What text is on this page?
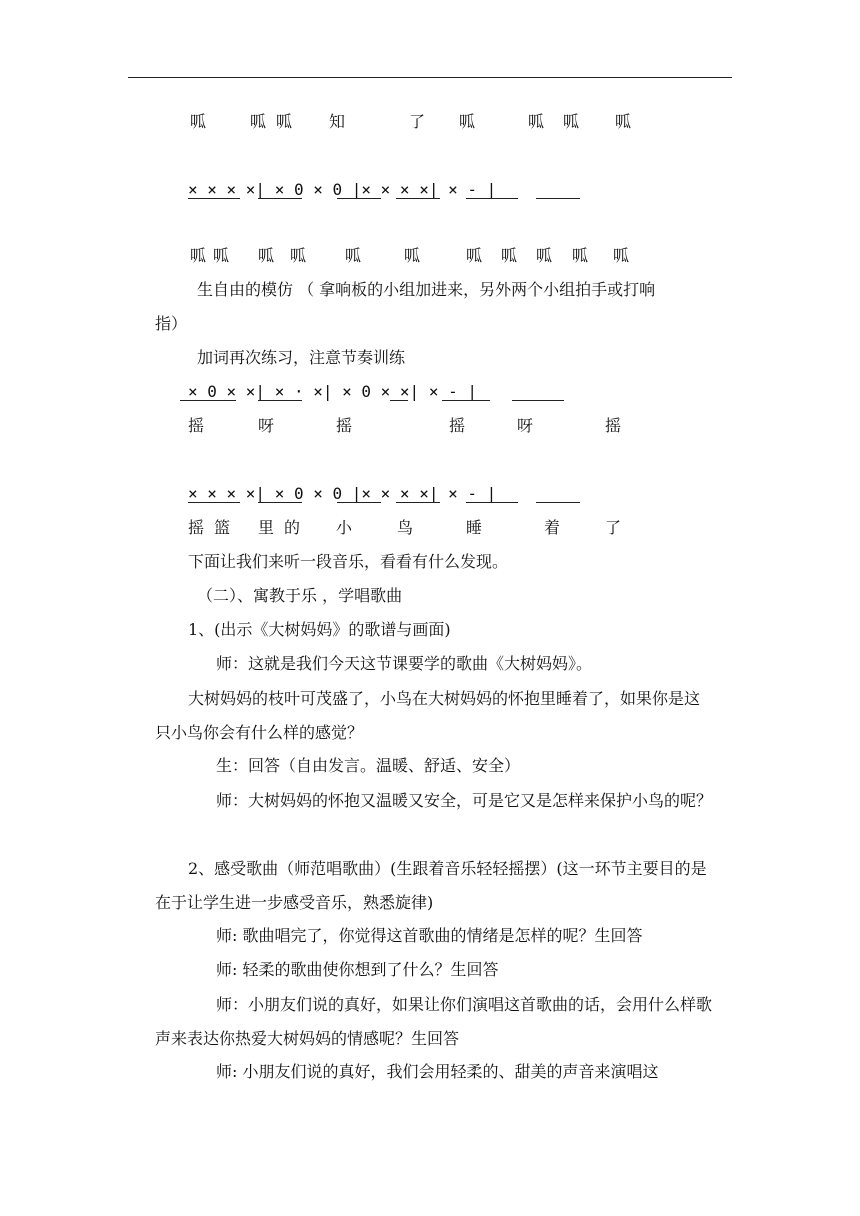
呱	呱 呱 知	了 呱	呱 呱 呱
× × × ×| × 0 × 0 |× × × ×| × - |
呱 呱 呱 呱 呱	呱	呱 呱 呱 呱 呱
生自由的模仿 （ 拿响板的小组加进来，另外两个小组拍手或打响
指）
加词再次练习，注意节奏训练
× 0 × ×| × · ×| × 0 × ×| × - |
摇	呀	摇	摇	呀	摇
× × × ×| × 0 × 0 |× × × ×| × - |
摇 篮 里 的 小	鸟	睡	着	了
下面让我们来听一段音乐，看看有什么发现。
（二）、寓教于乐 ，学唱歌曲
1、(出示《大树妈妈》的歌谱与画面)
师：这就是我们今天这节课要学的歌曲《大树妈妈》。
大树妈妈的枝叶可茂盛了，小鸟在大树妈妈的怀抱里睡着了，如果你是这只小鸟你会有什么样的感觉？
生：回答（自由发言。温暖、舒适、安全）
师：大树妈妈的怀抱又温暖又安全，可是它又是怎样来保护小鸟的呢？
2、感受歌曲（师范唱歌曲）(生跟着音乐轻轻摇摆）(这一环节主要目的是在于让学生进一步感受音乐，熟悉旋律)
师: 歌曲唱完了，你觉得这首歌曲的情绪是怎样的呢？生回答
师: 轻柔的歌曲使你想到了什么？生回答
师：小朋友们说的真好，如果让你们演唱这首歌曲的话，会用什么样歌声来表达你热爱大树妈妈的情感呢？生回答
师: 小朋友们说的真好，我们会用轻柔的、甜美的声音来演唱这
